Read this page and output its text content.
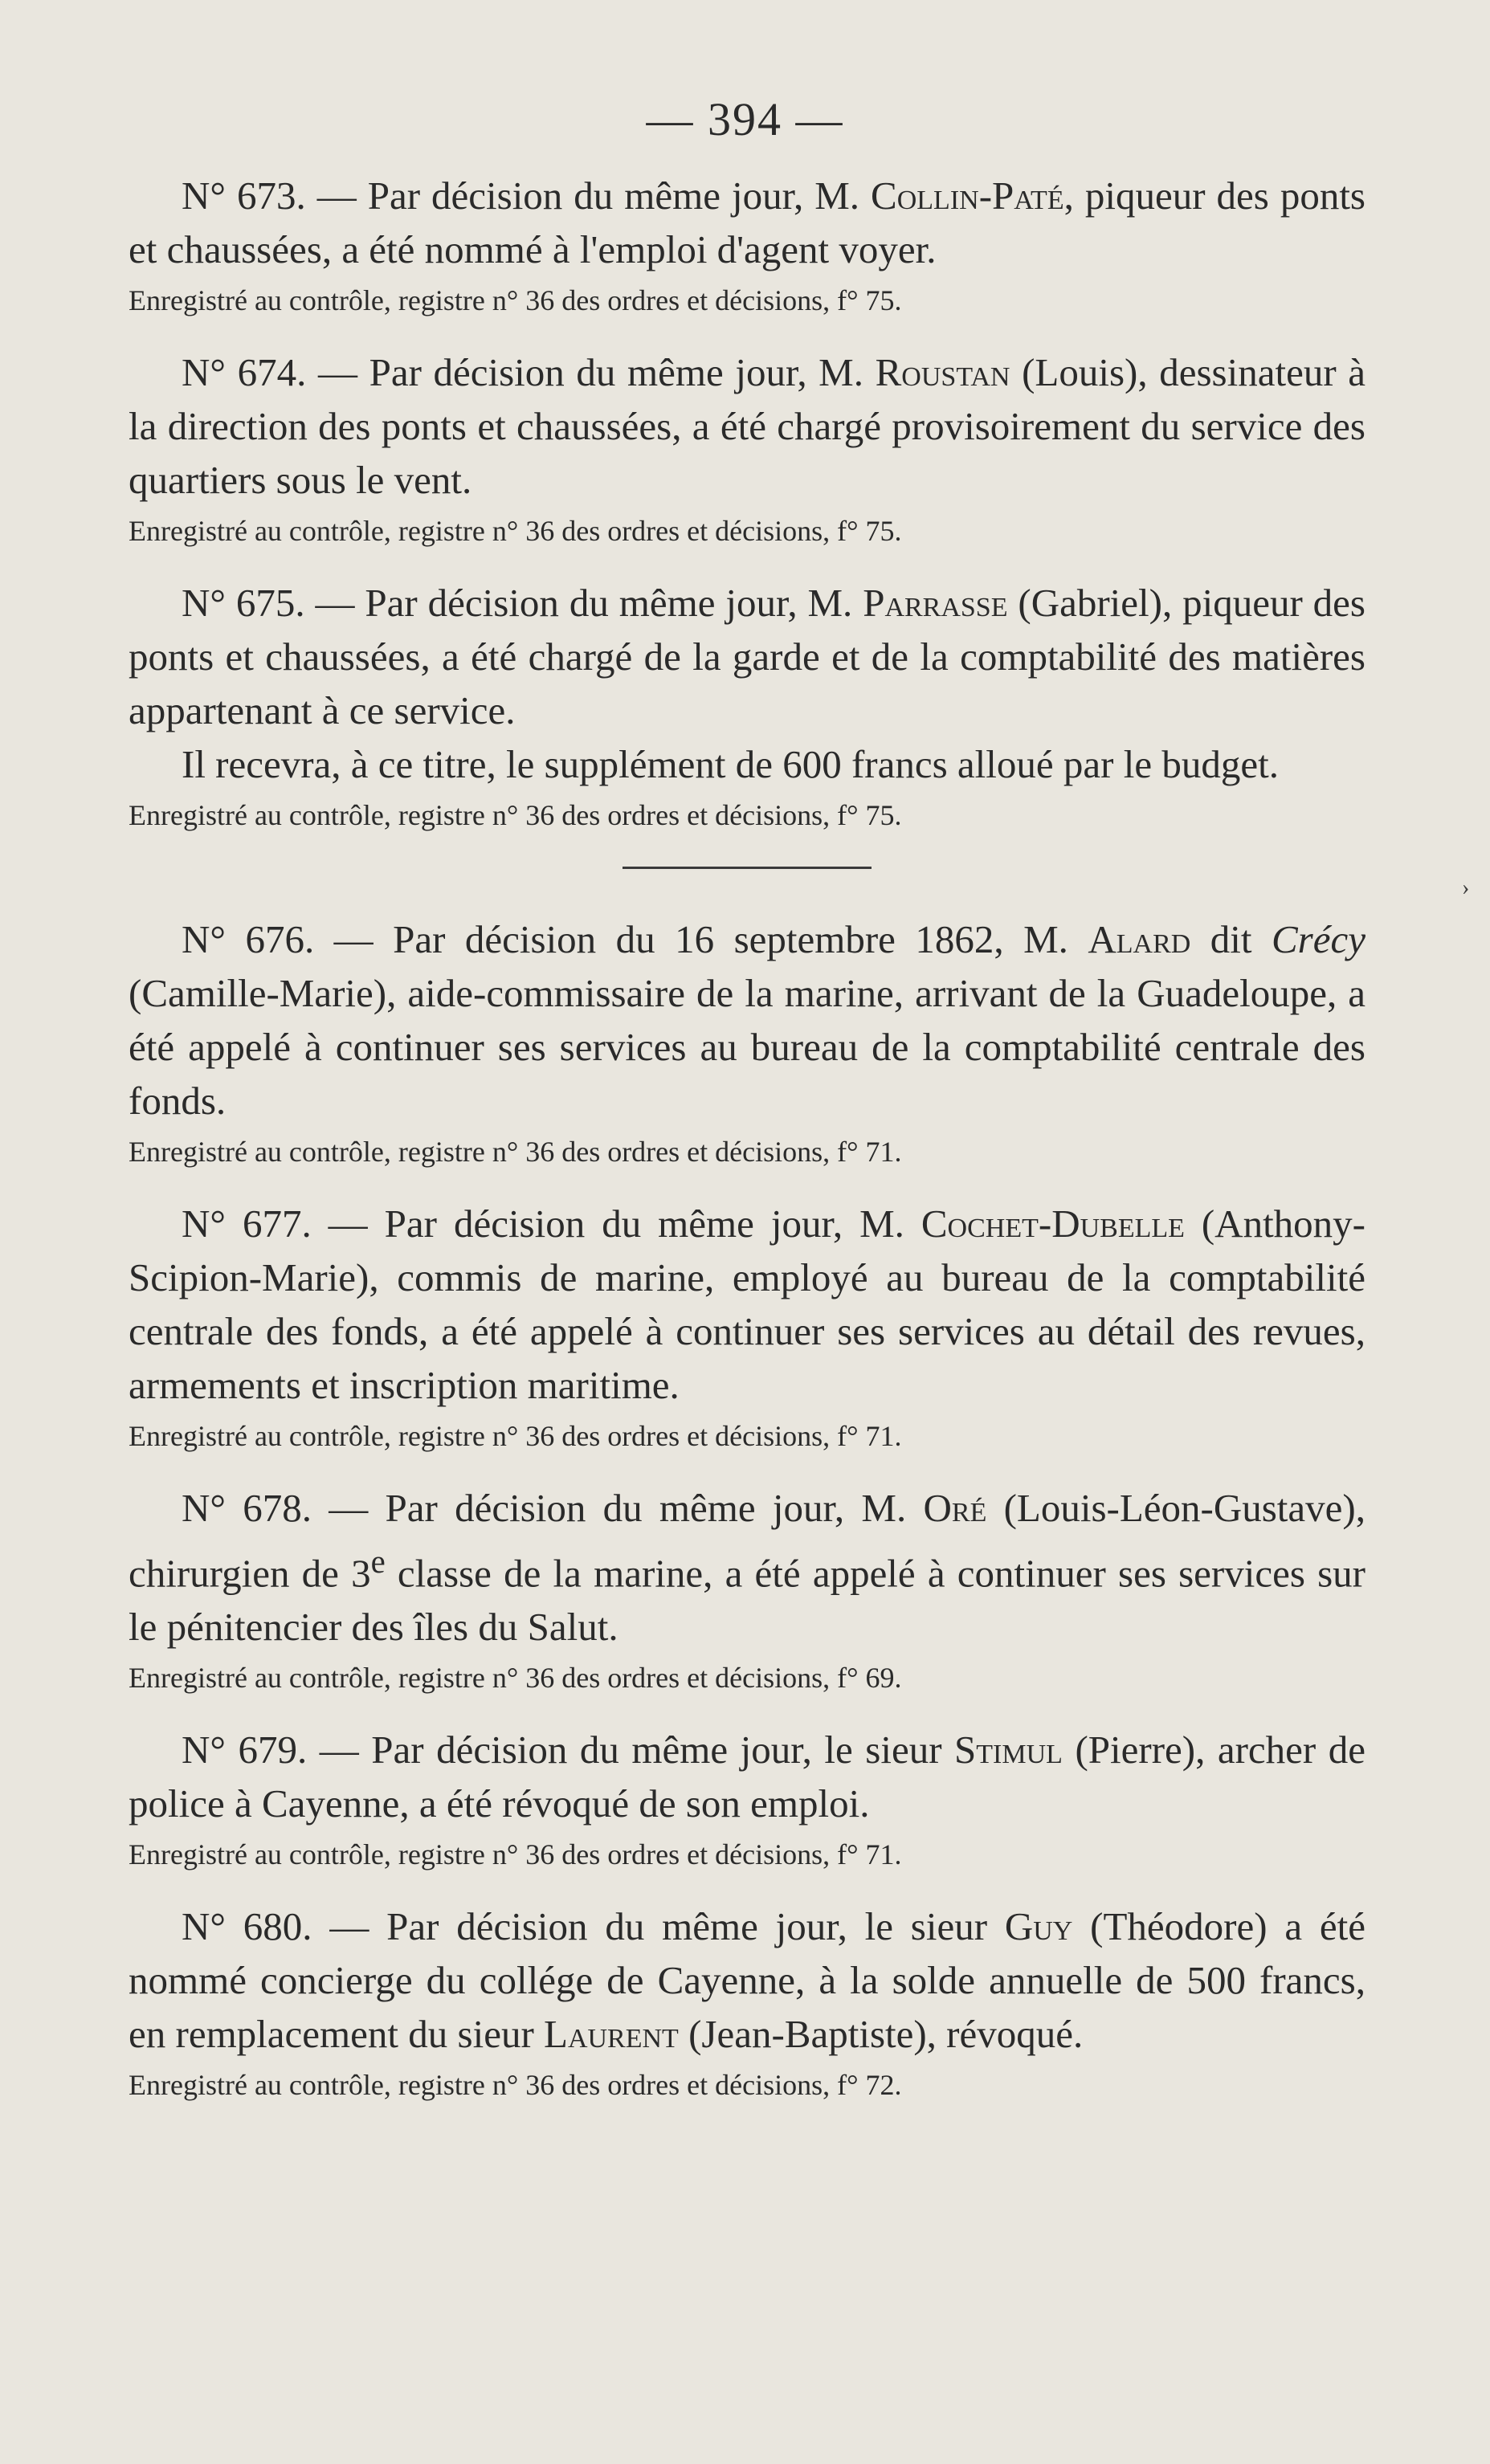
— 394 —

N° 673. — Par décision du même jour, M. Collin-Paté, piqueur des ponts et chaussées, a été nommé à l'emploi d'agent voyer.

Enregistré au contrôle, registre n° 36 des ordres et décisions, f° 75.

N° 674. — Par décision du même jour, M. Roustan (Louis), dessinateur à la direction des ponts et chaussées, a été chargé provisoirement du service des quartiers sous le vent.

Enregistré au contrôle, registre n° 36 des ordres et décisions, f° 75.

N° 675. — Par décision du même jour, M. Parrasse (Gabriel), piqueur des ponts et chaussées, a été chargé de la garde et de la comptabilité des matières appartenant à ce service.

Il recevra, à ce titre, le supplément de 600 francs alloué par le budget.

Enregistré au contrôle, registre n° 36 des ordres et décisions, f° 75.

N° 676. — Par décision du 16 septembre 1862, M. Alard dit Crécy (Camille-Marie), aide-commissaire de la marine, arrivant de la Guadeloupe, a été appelé à continuer ses services au bureau de la comptabilité centrale des fonds.

Enregistré au contrôle, registre n° 36 des ordres et décisions, f° 71.

N° 677. — Par décision du même jour, M. Cochet-Dubelle (Anthony-Scipion-Marie), commis de marine, employé au bureau de la comptabilité centrale des fonds, a été appelé à continuer ses services au détail des revues, armements et inscription maritime.

Enregistré au contrôle, registre n° 36 des ordres et décisions, f° 71.

N° 678. — Par décision du même jour, M. Oré (Louis-Léon-Gustave), chirurgien de 3e classe de la marine, a été appelé à continuer ses services sur le pénitencier des îles du Salut.

Enregistré au contrôle, registre n° 36 des ordres et décisions, f° 69.

N° 679. — Par décision du même jour, le sieur Stimul (Pierre), archer de police à Cayenne, a été révoqué de son emploi.

Enregistré au contrôle, registre n° 36 des ordres et décisions, f° 71.

N° 680. — Par décision du même jour, le sieur Guy (Théodore) a été nommé concierge du collége de Cayenne, à la solde annuelle de 500 francs, en remplacement du sieur Laurent (Jean-Baptiste), révoqué.

Enregistré au contrôle, registre n° 36 des ordres et décisions, f° 72.

›
